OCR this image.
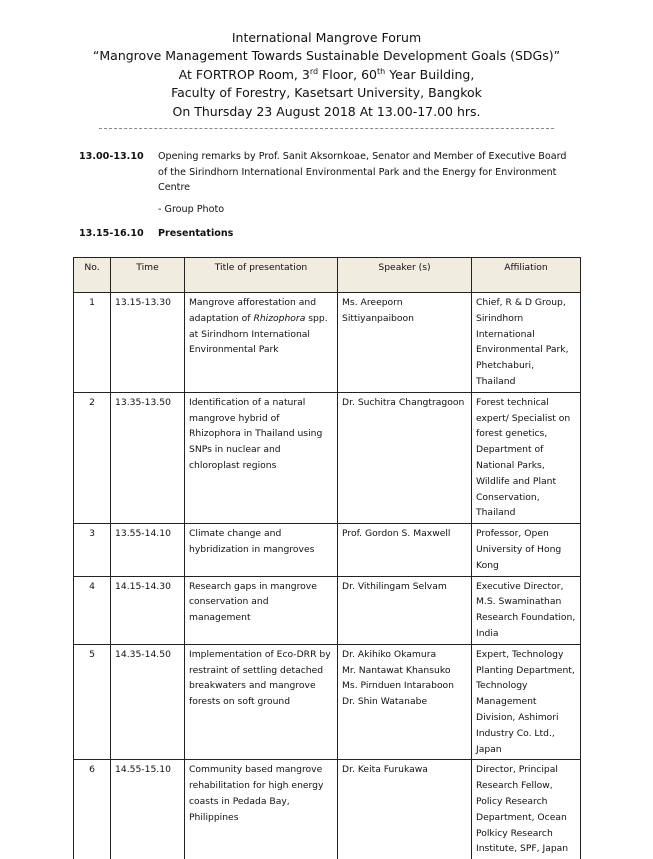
International Mangrove Forum
“Mangrove Management Towards Sustainable Development Goals (SDGs)”
At FORTROP Room, 3rd Floor, 60th Year Building,
Faculty of Forestry, Kasetsart University, Bangkok
On Thursday 23 August 2018 At 13.00-17.00 hrs.
13.00-13.10 Opening remarks by Prof. Sanit Aksornkoae, Senator and Member of Executive Board of the Sirindhorn International Environmental Park and the Energy for Environment Centre
- Group Photo
13.15-16.10 Presentations
No.	Time	Title of presentation	Speaker (s)	Affiliation
1	13.15-13.30	Mangrove afforestation and adaptation of Rhizophora spp. at Sirindhorn International Environmental Park	Ms. Areeporn Sittiyanpaiboon	Chief, R & D Group, Sirindhorn International Environmental Park, Phetchaburi, Thailand
2	13.35-13.50	Identification of a natural mangrove hybrid of Rhizophora in Thailand using SNPs in nuclear and chloroplast regions	Dr. Suchitra Changtragoon	Forest technical expert/ Specialist on forest genetics, Department of National Parks, Wildlife and Plant Conservation, Thailand
3	13.55-14.10	Climate change and hybridization in mangroves	Prof. Gordon S. Maxwell	Professor, Open University of Hong Kong
4	14.15-14.30	Research gaps in mangrove conservation and management	Dr. Vithilingam Selvam	Executive Director, M.S. Swaminathan Research Foundation, India
5	14.35-14.50	Implementation of Eco-DRR by restraint of settling detached breakwaters and mangrove forests on soft ground	Dr. Akihiko Okamura
Mr. Nantawat Khansuko
Ms. Pirnduen Intaraboon
Dr. Shin Watanabe	Expert, Technology Planting Department, Technology Management Division, Ashimori Industry Co. Ltd., Japan
6	14.55-15.10	Community based mangrove rehabilitation for high energy coasts in Pedada Bay, Philippines	Dr. Keita Furukawa	Director, Principal Research Fellow, Policy Research Department, Ocean Polkicy Research Institute, SPF, Japan
